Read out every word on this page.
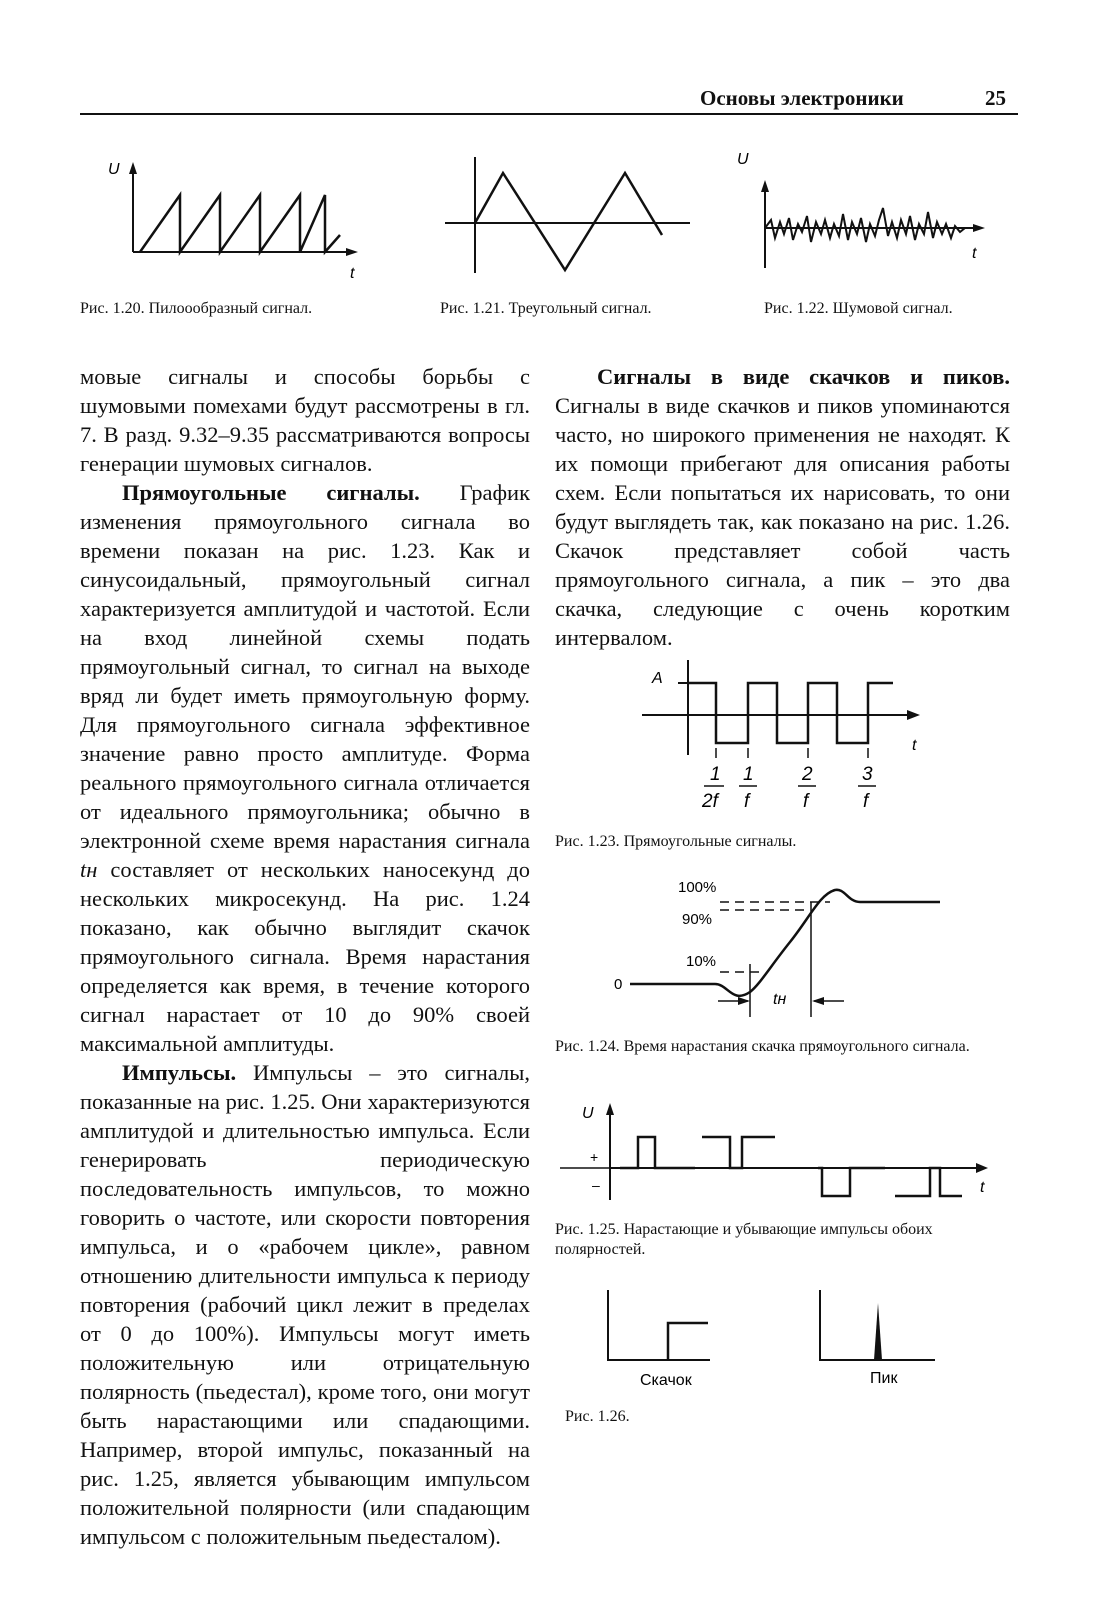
Основы электроники	25
U
t
Рис. 1.20. Пилоообразный сигнал.	Рис. 1.21. Треугольный сигнал.
U
t
Рис. 1.22. Шумовой сигнал.

мовые сигналы и способы борьбы с шумовыми помехами будут рассмотрены в гл. 7. В разд. 9.32–9.35 рассматриваются вопросы генерации шумовых сигналов.

Прямоугольные сигналы. График изменения прямоугольного сигнала во времени показан на рис. 1.23. Как и синусоидальный, прямоугольный сигнал характеризуется амплитудой и частотой. Если на вход линейной схемы подать прямоугольный сигнал, то сигнал на выходе вряд ли будет иметь прямоугольную форму. Для прямоугольного сигнала эффективное значение равно просто амплитуде. Форма реального прямоугольного сигнала отличается от идеального прямоугольника; обычно в электронной схеме время нарастания сигнала tн составляет от нескольких наносекунд до нескольких микросекунд. На рис. 1.24 показано, как обычно выглядит скачок прямоугольного сигнала. Время нарастания определяется как время, в течение которого сигнал нарастает от 10 до 90% своей максимальной амплитуды.

Импульсы. Импульсы – это сигналы, показанные на рис. 1.25. Они характеризуются амплитудой и длительностью импульса. Если генерировать периодическую последовательность импульсов, то можно говорить о частоте, или скорости повторения импульса, и о «рабочем цикле», равном отношению длительности импульса к периоду повторения (рабочий цикл лежит в пределах от 0 до 100%). Импульсы могут иметь положительную или отрицательную полярность (пьедестал), кроме того, они могут быть нарастающими или спадающими. Например, второй импульс, показанный на рис. 1.25, является убывающим импульсом положительной полярности (или спадающим импульсом с положительным пьедесталом).

Сигналы в виде скачков и пиков. Сигналы в виде скачков и пиков упоминаются часто, но широкого применения не находят. К их помощи прибегают для описания работы схем. Если попытаться их нарисовать, то они будут выглядеть так, как показано на рис. 1.26. Скачок представляет собой часть прямоугольного сигнала, а пик – это два скачка, следующие с очень коротким интервалом.

A
t
1
2f
1
f
2
f
3
f
Рис. 1.23. Прямоугольные сигналы.
100%
90%
10%
0
tн
Рис. 1.24. Время нарастания скачка прямоугольного сигнала.
U
+
–	t
Рис. 1.25. Нарастающие и убывающие импульсы обоих полярностей.
Скачок	Пик
Рис. 1.26.
